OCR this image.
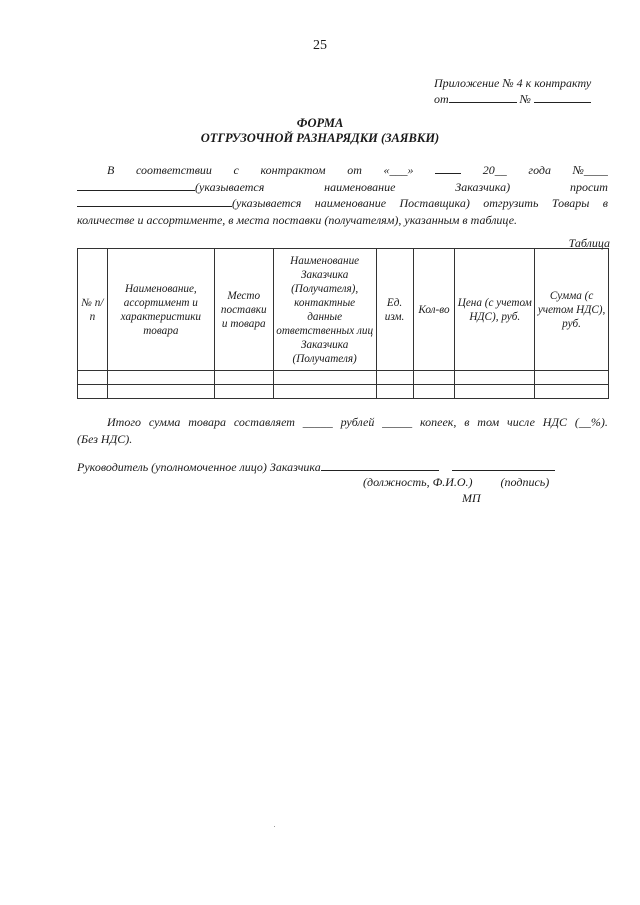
25
Приложение № 4 к контракту
от	№
ФОРМА
ОТГРУЗОЧНОЙ РАЗНАРЯДКИ (ЗАЯВКИ)
В соответствии с контрактом от «___»	20__ года №____
(указывается	наименование	Заказчика)	просит
(указывается наименование Поставщика) отгрузить Товары в
количестве и ассортименте, в места поставки (получателям), указанным в таблице.
Таблица
№ п/п	Наименование, ассортимент и характеристики товара	Место поставки и товара	Наименование Заказчика (Получателя), контактные данные ответственных лиц Заказчика (Получателя)	Ед. изм.	Кол-во	Цена (с учетом НДС), руб.	Сумма (с учетом НДС), руб.

Итого сумма товара составляет _____ рублей _____ копеек, в том числе НДС (__%).
(Без НДС).
Руководитель (уполномоченное лицо) Заказчика
(должность, Ф.И.О.) (подпись)
МП
